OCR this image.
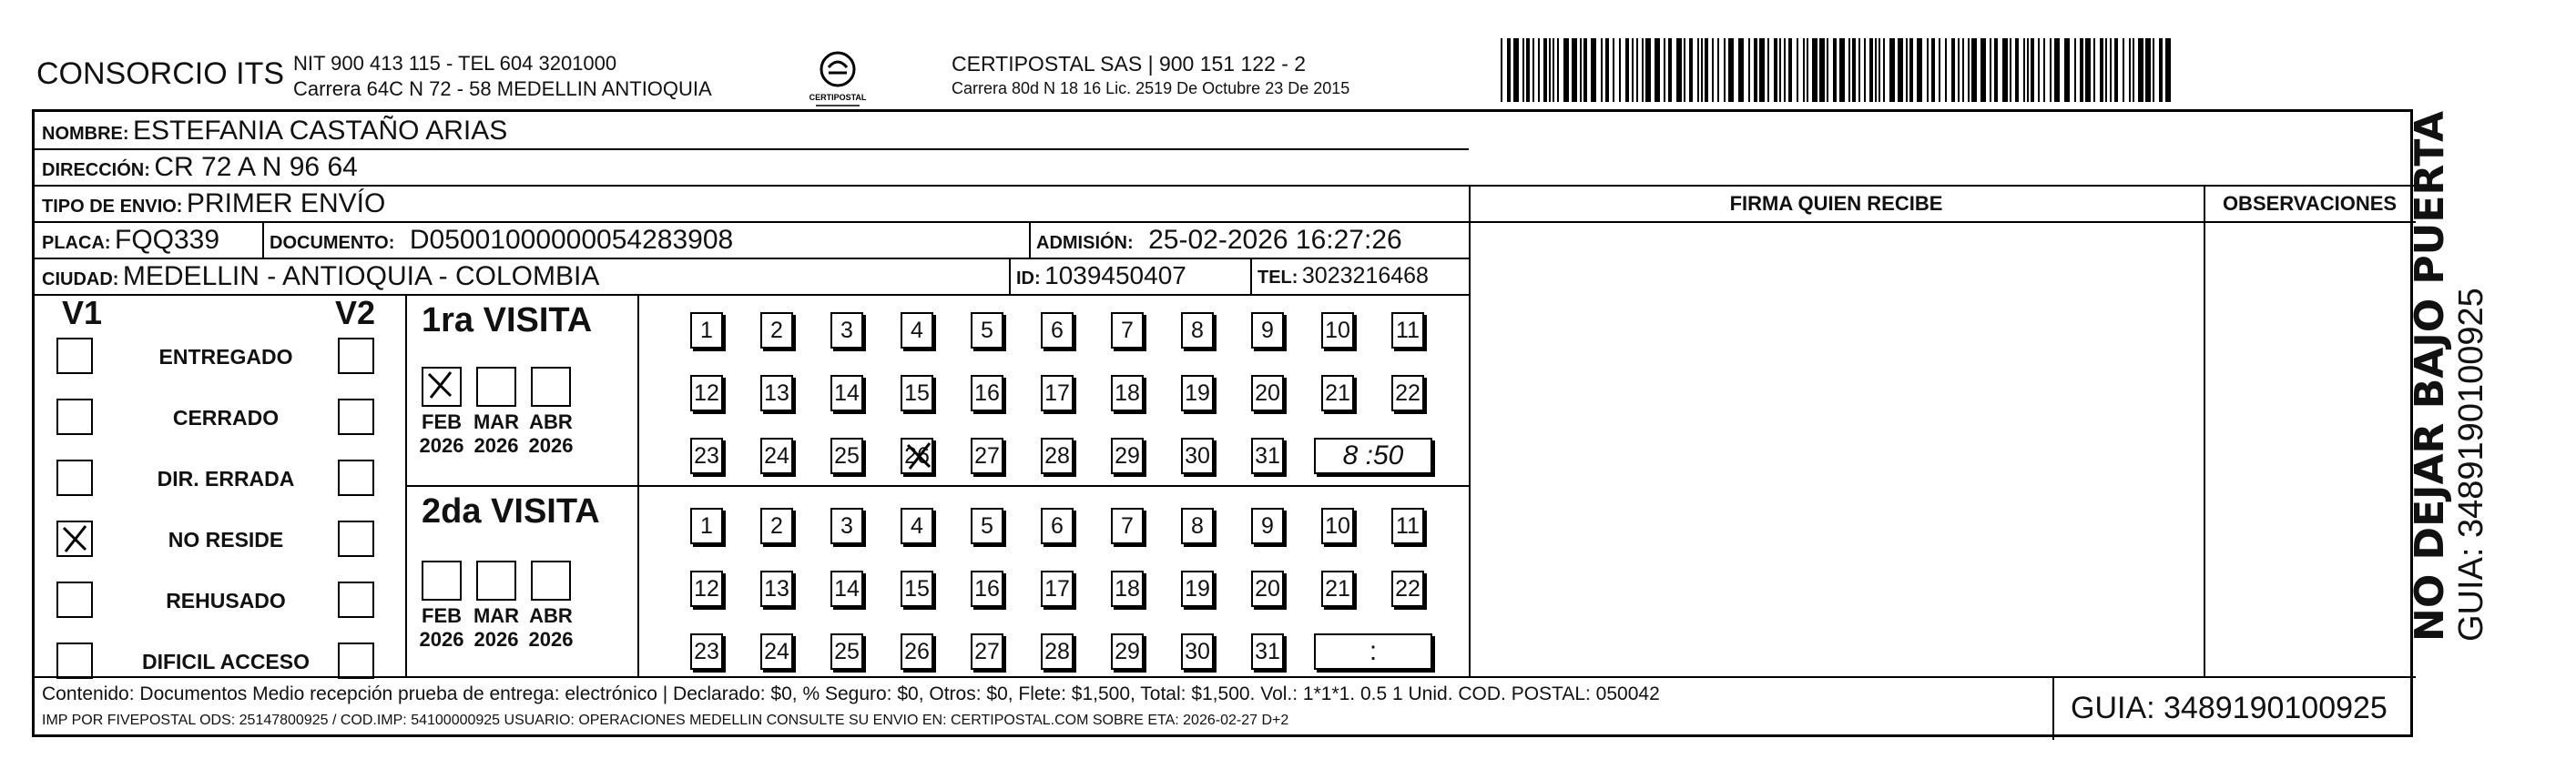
CONSORCIO ITS NIT 900 413 115 - TEL 604 3201000
Carrera 64C N 72 - 58 MEDELLIN ANTIOQUIA	CERTIPOSTAL
CERTIPOSTAL SAS | 900 151 122 - 2
Carrera 80d N 18 16 Lic. 2519 De Octubre 23 De 2015
NOMBRE: ESTEFANIA CASTAÑO ARIAS
DIRECCIÓN: CR 72 A N 96 64
TIPO DE ENVIO: PRIMER ENVÍO	FIRMA QUIEN RECIBE	OBSERVACIONES
PLACA: FQQ339	DOCUMENTO: D05001000000054283908	ADMISIÓN: 25-02-2026 16:27:26
CIUDAD: MEDELLIN - ANTIOQUIA - COLOMBIA	ID: 1039450407	TEL: 3023216468
V1	V2
ENTREGADO
CERRADO
DIR. ERRADA
NO RESIDE
REHUSADO
DIFICIL ACCESO
1ra VISITA
2da VISITA
FEB
2026
MAR
2026
ABR
2026
FEB
2026
MAR
2026
ABR
2026
1	2	3	4	5	6	7	8	9	10 11
12 13 14 15 16 17 18 19 20 21 22
23 24 25 26 27 28 29 30 31	8 :50
1	2	3	4	5	6	7	8	9	10 11
12 13 14 15 16 17 18 19 20 21 22
23 24 25 26 27 28 29 30 31	:
Contenido: Documentos Medio recepción prueba de entrega: electrónico | Declarado: $0, % Seguro: $0, Otros: $0, Flete: $1,500, Total: $1,500. Vol.: 1*1*1. 0.5 1 Unid. COD. POSTAL: 050042
IMP POR FIVEPOSTAL ODS: 25147800925 / COD.IMP: 54100000925 USUARIO: OPERACIONES MEDELLIN CONSULTE SU ENVIO EN: CERTIPOSTAL.COM SOBRE ETA: 2026-02-27 D+2	GUIA: 3489190100925
NO DEJAR BAJO PUERTA GUIA: 3489190100925
